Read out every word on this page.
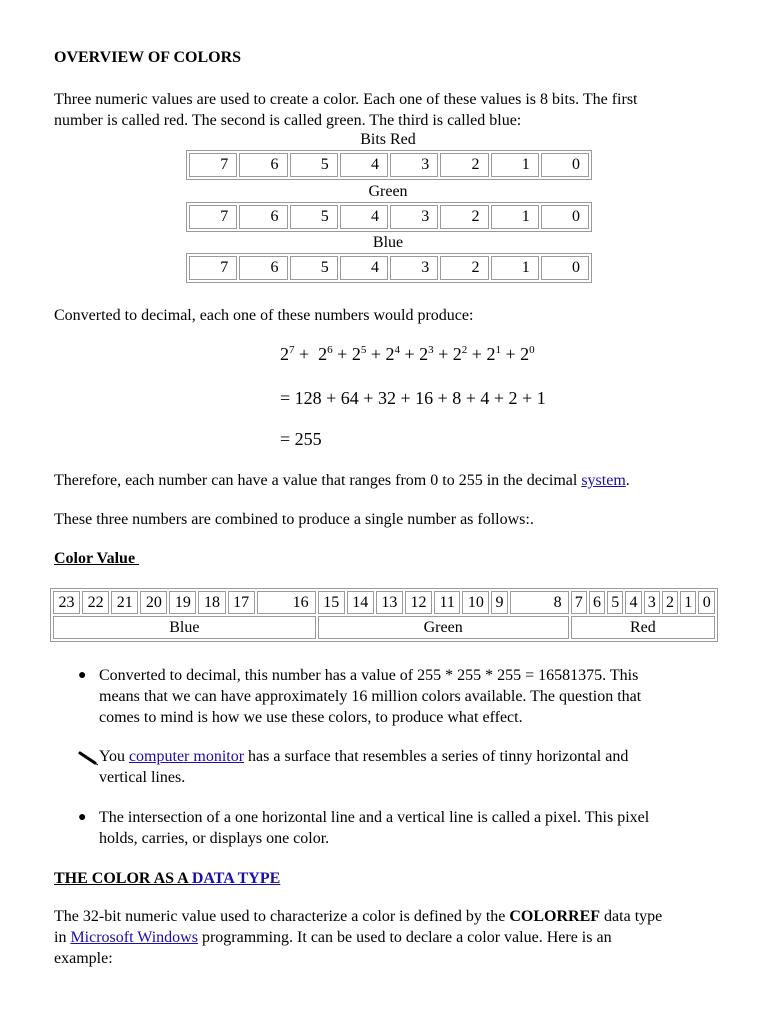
OVERVIEW OF COLORS
Three numeric values are used to create a color. Each one of these values is 8 bits. The first
number is called red. The second is called green. The third is called blue:
Bits Red
7	6	5	4	3	2	1	0
Green
7	6	5	4	3	2	1	0
Blue
7	6	5	4	3	2	1	0
Converted to decimal, each one of these numbers would produce:
$2^7 + 2^6 + 2^5 + 2^4 + 2^3 + 2^2 + 2^1 + 2^0$
= 128 + 64 + 32 + 16 + 8 + 4 + 2 + 1
= 255
Therefore, each number can have a value that ranges from 0 to 255 in the decimal system.
These three numbers are combined to produce a single number as follows:.
Color Value
23	22	21	20	19	18	17	16	15	14	13	12	11	10	9	8	7	6	5	4	3	2	1	0
Blue								Green								Red							
● Converted to decimal, this number has a value of 255 * 255 * 255 = 16581375. This
means that we can have approximately 16 million colors available. The question that
comes to mind is how we use these colors, to produce what effect.
You computer monitor has a surface that resembles a series of tinny horizontal and
vertical lines.
● The intersection of a one horizontal line and a vertical line is called a pixel. This pixel
holds, carries, or displays one color.
THE COLOR AS A DATA TYPE
The 32-bit numeric value used to characterize a color is defined by the COLORREF data type
in Microsoft Windows programming. It can be used to declare a color value. Here is an
example:
